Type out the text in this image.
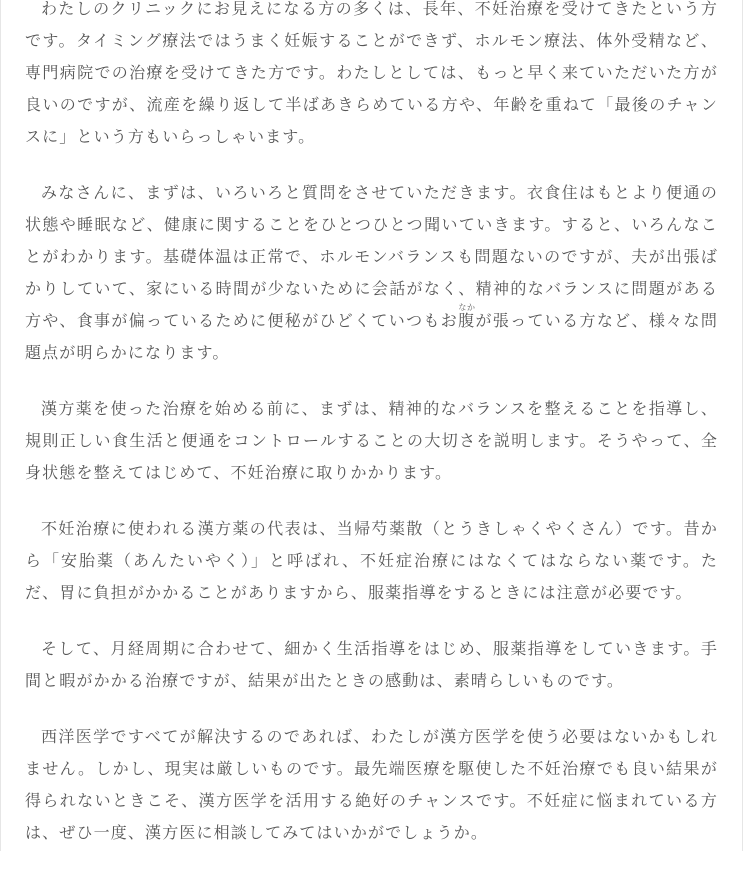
わたしのクリニックにお見えになる方の多くは、長年、不妊治療を受けてきたという方です。タイミング療法ではうまく妊娠することができず、ホルモン療法、体外受精など、専門病院での治療を受けてきた方です。わたしとしては、もっと早く来ていただいた方が良いのですが、流産を繰り返して半ばあきらめている方や、年齢を重ねて「最後のチャンスに」という方もいらっしゃいます。

みなさんに、まずは、いろいろと質問をさせていただきます。衣食住はもとより便通の状態や睡眠など、健康に関することをひとつひとつ聞いていきます。すると、いろんなことがわかります。基礎体温は正常で、ホルモンバランスも問題ないのですが、夫が出張ばかりしていて、家にいる時間が少ないために会話がなく、精神的なバランスに問題がある方や、食事が偏っているために便秘がひどくていつもお腹なかが張っている方など、様々な問題点が明らかになります。

漢方薬を使った治療を始める前に、まずは、精神的なバランスを整えることを指導し、規則正しい食生活と便通をコントロールすることの大切さを説明します。そうやって、全身状態を整えてはじめて、不妊治療に取りかかります。

不妊治療に使われる漢方薬の代表は、当帰芍薬散（とうきしゃくやくさん）です。昔から「安胎薬（あんたいやく）」と呼ばれ、不妊症治療にはなくてはならない薬です。ただ、胃に負担がかかることがありますから、服薬指導をするときには注意が必要です。

そして、月経周期に合わせて、細かく生活指導をはじめ、服薬指導をしていきます。手間と暇がかかる治療ですが、結果が出たときの感動は、素晴らしいものです。

西洋医学ですべてが解決するのであれば、わたしが漢方医学を使う必要はないかもしれません。しかし、現実は厳しいものです。最先端医療を駆使した不妊治療でも良い結果が得られないときこそ、漢方医学を活用する絶好のチャンスです。不妊症に悩まれている方は、ぜひ一度、漢方医に相談してみてはいかがでしょうか。
